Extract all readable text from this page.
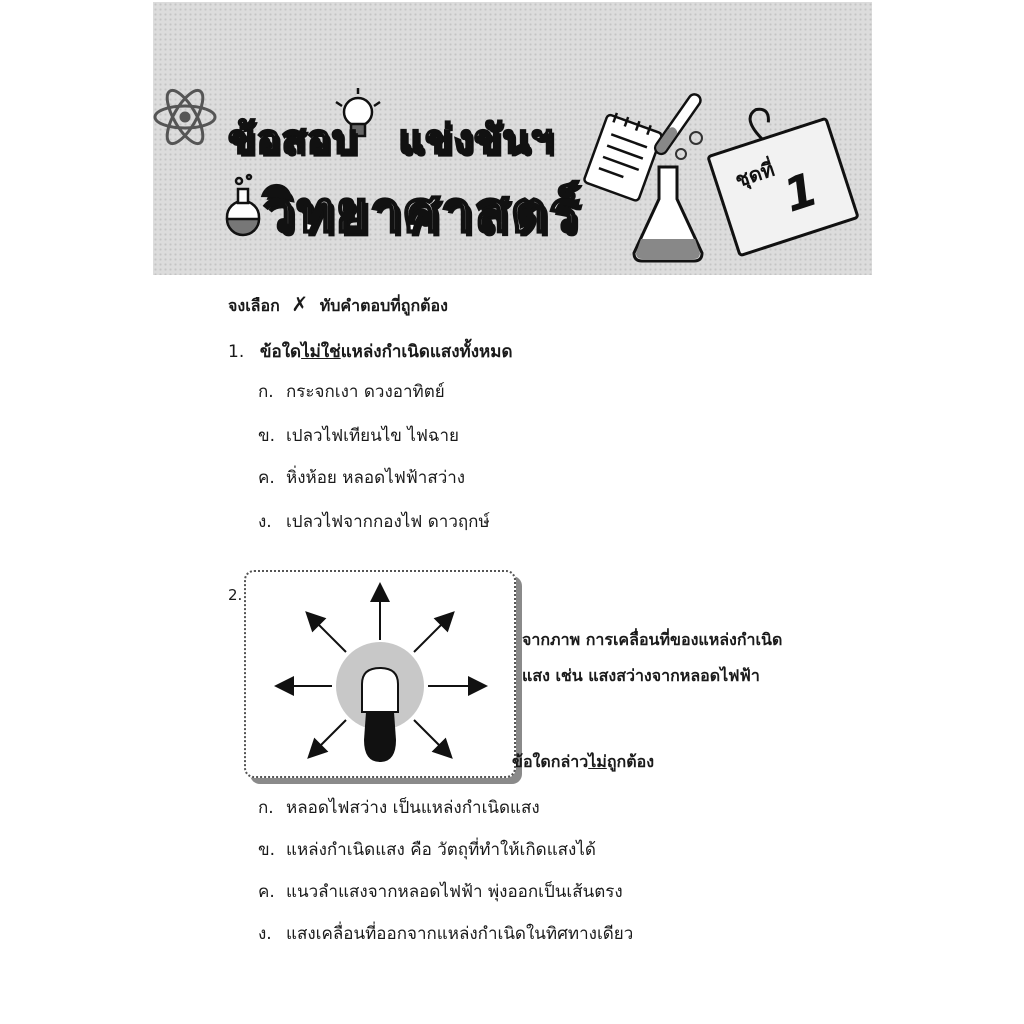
ข้อสอบ แข่งขันฯ
วิทยาศาสตร์
ชุดที่ 1
จงเลือก ✗ ทับคำตอบที่ถูกต้อง
1. ข้อใดไม่ใช่แหล่งกำเนิดแสงทั้งหมด
ก. กระจกเงา ดวงอาทิตย์
ข. เปลวไฟเทียนไข ไฟฉาย
ค. หิ่งห้อย หลอดไฟฟ้าสว่าง
ง. เปลวไฟจากกองไฟ ดาวฤกษ์
2.
จากภาพ การเคลื่อนที่ของแหล่งกำเนิด
แสง เช่น แสงสว่างจากหลอดไฟฟ้า
ข้อใดกล่าวไม่ถูกต้อง
ก. หลอดไฟสว่าง เป็นแหล่งกำเนิดแสง
ข. แหล่งกำเนิดแสง คือ วัตถุที่ทำให้เกิดแสงได้
ค. แนวลำแสงจากหลอดไฟฟ้า พุ่งออกเป็นเส้นตรง
ง. แสงเคลื่อนที่ออกจากแหล่งกำเนิดในทิศทางเดียว
